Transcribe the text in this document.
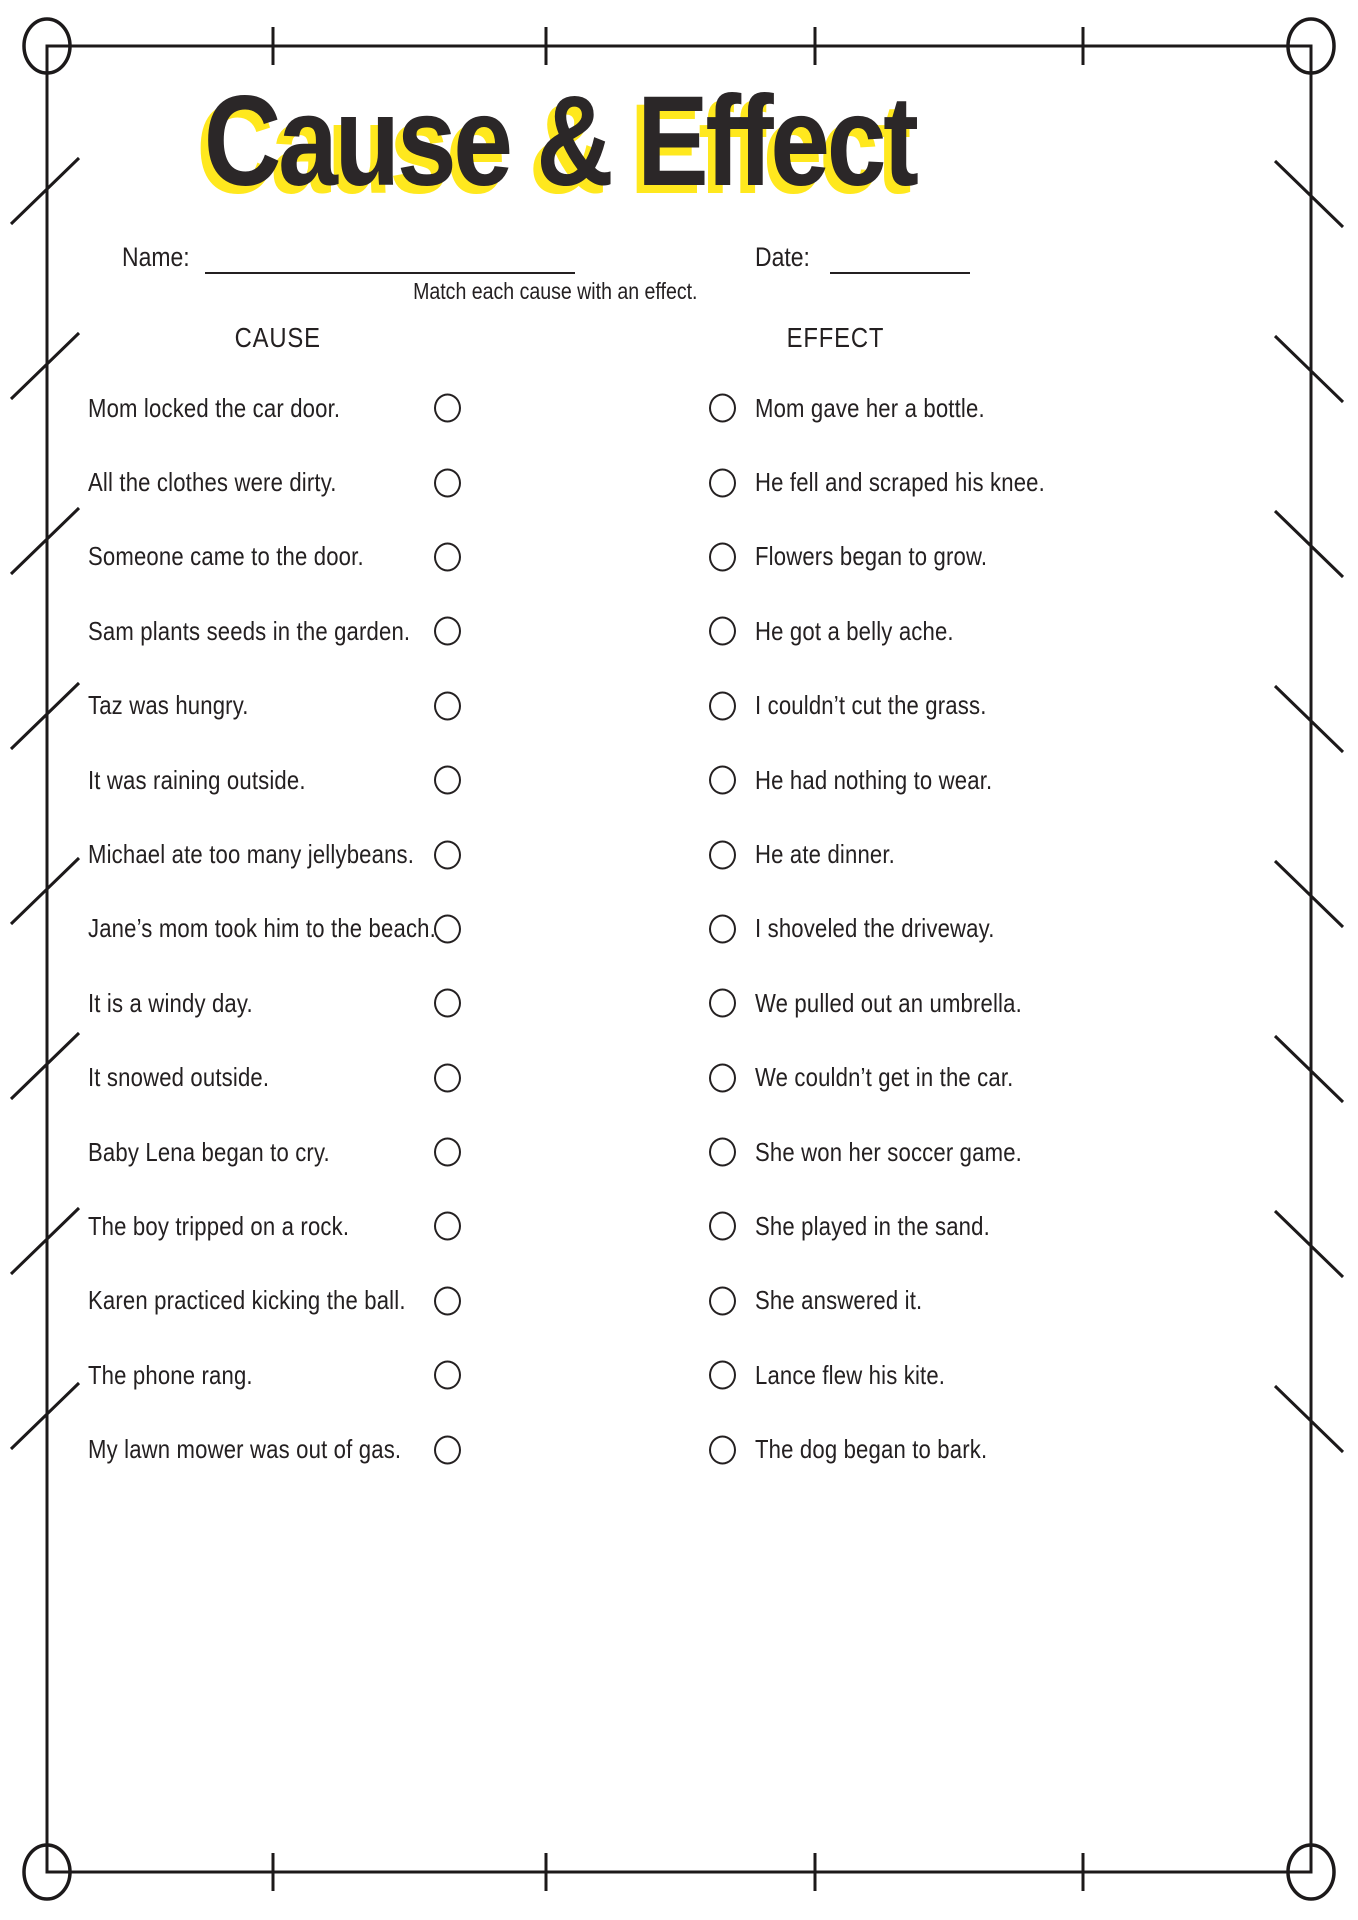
Cause & Effect
Name:	Date:
Match each cause with an effect.
CAUSE	EFFECT
Mom locked the car door.
All the clothes were dirty.
Someone came to the door.
Sam plants seeds in the garden.
Taz was hungry.
It was raining outside.
Michael ate too many jellybeans.
Jane’s mom took him to the beach.
It is a windy day.
It snowed outside.
Baby Lena began to cry.
The boy tripped on a rock.
Karen practiced kicking the ball.
The phone rang.
My lawn mower was out of gas.
Mom gave her a bottle.
He fell and scraped his knee.
Flowers began to grow.
He got a belly ache.
I couldn’t cut the grass.
He had nothing to wear.
He ate dinner.
I shoveled the driveway.
We pulled out an umbrella.
We couldn’t get in the car.
She won her soccer game.
She played in the sand.
She answered it.
Lance flew his kite.
The dog began to bark.
